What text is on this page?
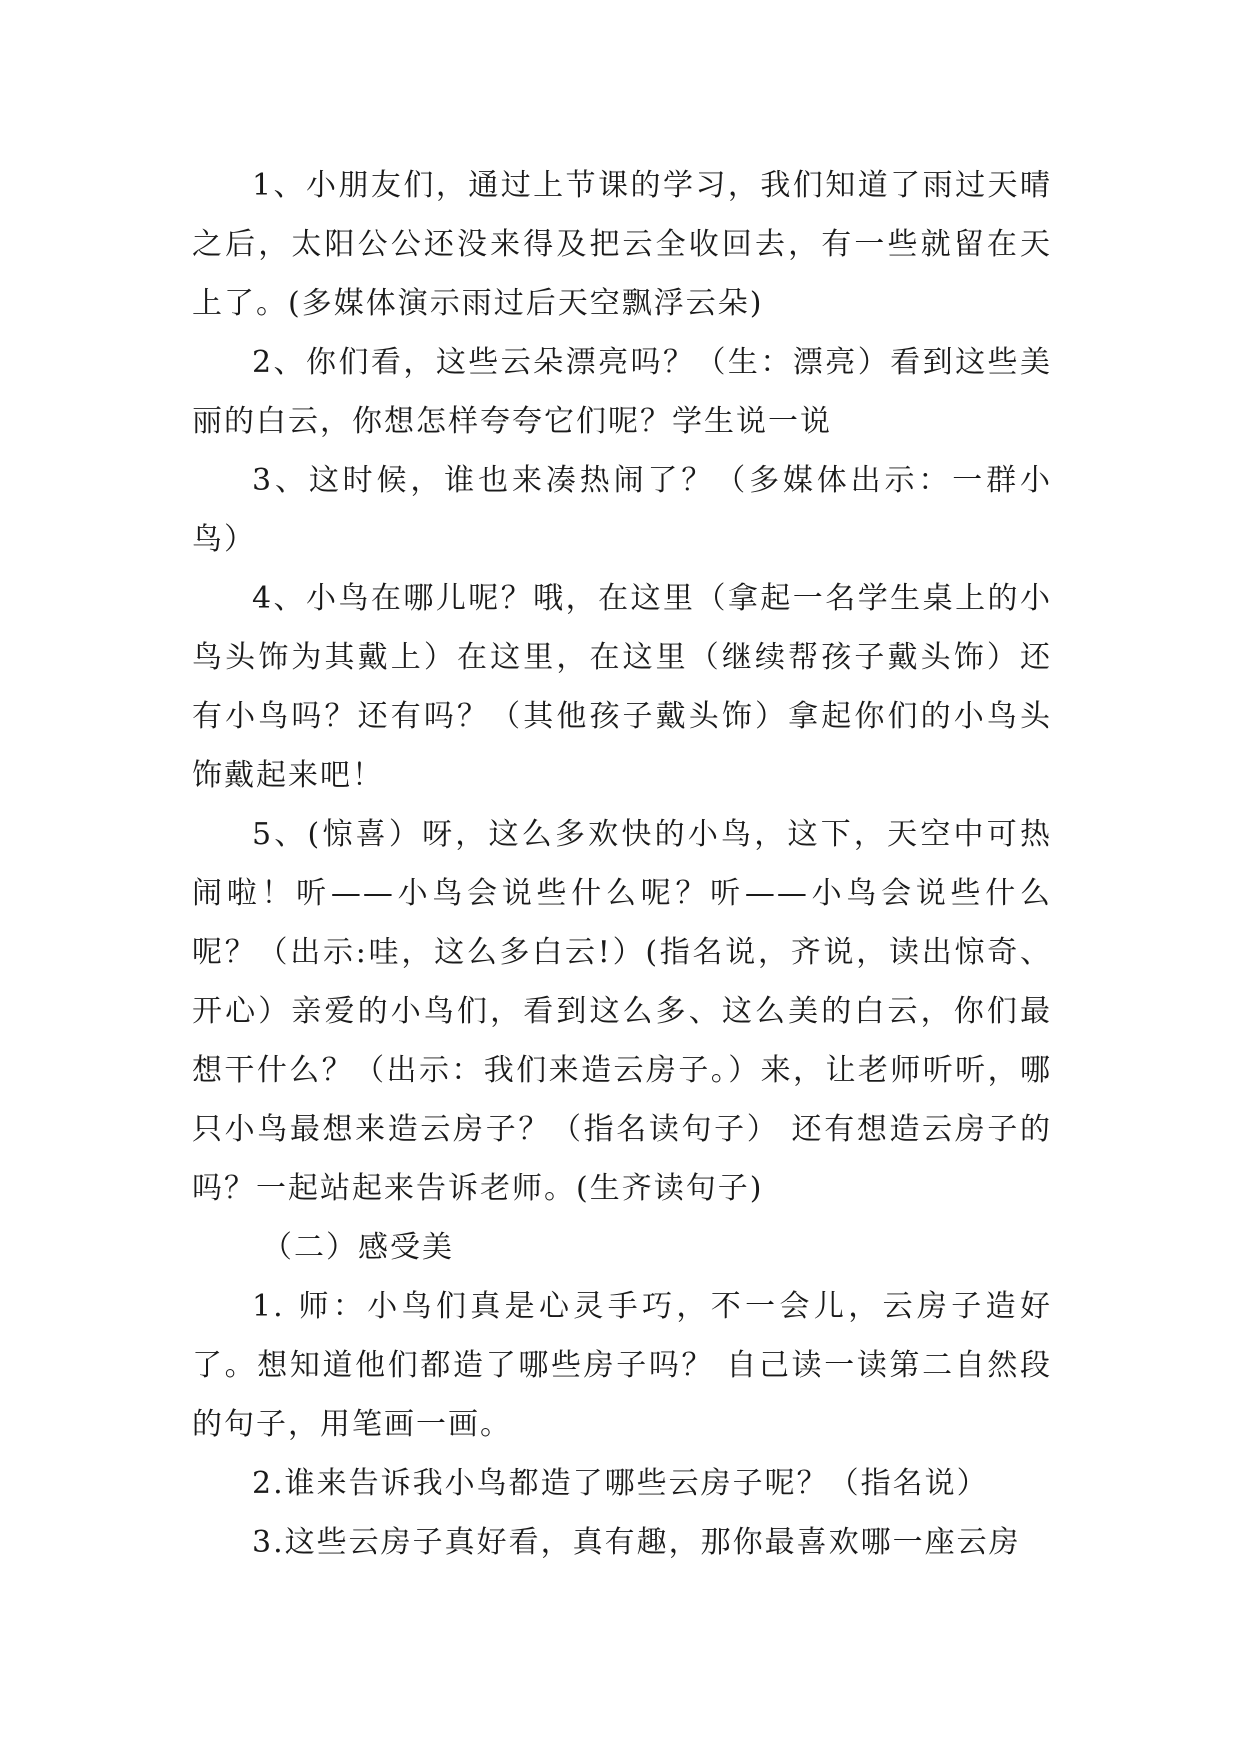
1、小朋友们，通过上节课的学习，我们知道了雨过天晴之后，太阳公公还没来得及把云全收回去，有一些就留在天上了。(多媒体演示雨过后天空飘浮云朵)

2、你们看，这些云朵漂亮吗？（生：漂亮）看到这些美丽的白云，你想怎样夸夸它们呢？学生说一说

3、这时候，谁也来凑热闹了？（多媒体出示：一群小鸟）

4、小鸟在哪儿呢？哦，在这里（拿起一名学生桌上的小鸟头饰为其戴上）在这里，在这里（继续帮孩子戴头饰）还有小鸟吗？还有吗？（其他孩子戴头饰）拿起你们的小鸟头饰戴起来吧！

5、(惊喜）呀，这么多欢快的小鸟，这下，天空中可热闹啦！听——小鸟会说些什么呢？听——小鸟会说些什么呢？（出示:哇，这么多白云!）(指名说，齐说，读出惊奇、开心）亲爱的小鸟们，看到这么多、这么美的白云，你们最想干什么？（出示：我们来造云房子。）来，让老师听听，哪只小鸟最想来造云房子？（指名读句子） 还有想造云房子的吗？一起站起来告诉老师。(生齐读句子)

（二）感受美

1. 师：小鸟们真是心灵手巧，不一会儿，云房子造好了。想知道他们都造了哪些房子吗？ 自己读一读第二自然段的句子，用笔画一画。

2.谁来告诉我小鸟都造了哪些云房子呢？（指名说）

3.这些云房子真好看，真有趣，那你最喜欢哪一座云房
